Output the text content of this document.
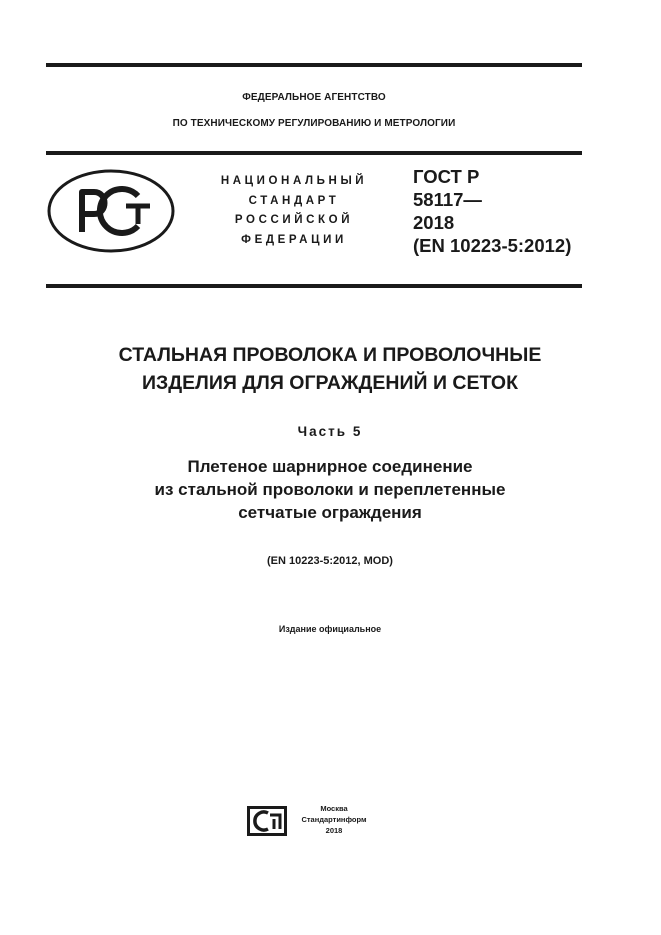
ФЕДЕРАЛЬНОЕ АГЕНТСТВО
ПО ТЕХНИЧЕСКОМУ РЕГУЛИРОВАНИЮ И МЕТРОЛОГИИ
НАЦИОНАЛЬНЫЙ
СТАНДАРТ
РОССИЙСКОЙ
ФЕДЕРАЦИИ
ГОСТ Р
58117—
2018
(EN 10223-5:2012)
СТАЛЬНАЯ ПРОВОЛОКА И ПРОВОЛОЧНЫЕ
ИЗДЕЛИЯ ДЛЯ ОГРАЖДЕНИЙ И СЕТОК
Часть 5
Плетеное шарнирное соединение
из стальной проволоки и переплетенные
сетчатые ограждения
(EN 10223-5:2012, MOD)
Издание официальное
Москва
Стандартинформ
2018
